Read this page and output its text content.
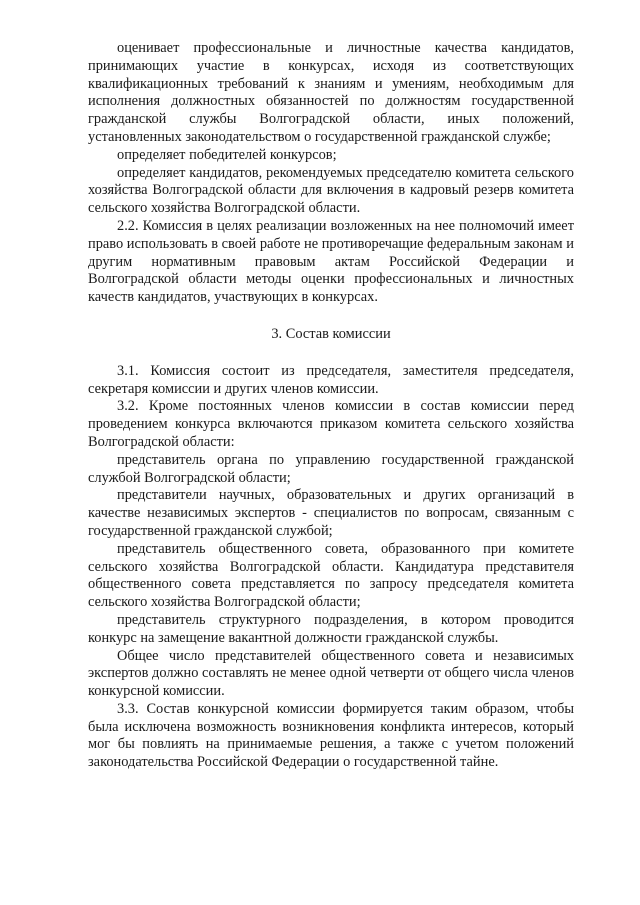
оценивает профессиональные и личностные качества кандидатов, принимающих участие в конкурсах, исходя из соответствующих квалификационных требований к знаниям и умениям, необходимым для исполнения должностных обязанностей по должностям государственной гражданской службы Волгоградской области, иных положений, установленных законодательством о государственной гражданской службе;

определяет победителей конкурсов;

определяет кандидатов, рекомендуемых председателю комитета сельского хозяйства Волгоградской области для включения в кадровый резерв комитета сельского хозяйства Волгоградской области.

2.2. Комиссия в целях реализации возложенных на нее полномочий имеет право использовать в своей работе не противоречащие федеральным законам и другим нормативным правовым актам Российской Федерации и Волгоградской области методы оценки профессиональных и личностных качеств кандидатов, участвующих в конкурсах.

3. Состав комиссии

3.1. Комиссия состоит из председателя, заместителя председателя, секретаря комиссии и других членов комиссии.

3.2. Кроме постоянных членов комиссии в состав комиссии перед проведением конкурса включаются приказом комитета сельского хозяйства Волгоградской области:

представитель органа по управлению государственной гражданской службой Волгоградской области;

представители научных, образовательных и других организаций в качестве независимых экспертов - специалистов по вопросам, связанным с государственной гражданской службой;

представитель общественного совета, образованного при комитете сельского хозяйства Волгоградской области. Кандидатура представителя общественного совета представляется по запросу председателя комитета сельского хозяйства Волгоградской области;

представитель структурного подразделения, в котором проводится конкурс на замещение вакантной должности гражданской службы.

Общее число представителей общественного совета и независимых экспертов должно составлять не менее одной четверти от общего числа членов конкурсной комиссии.

3.3. Состав конкурсной комиссии формируется таким образом, чтобы была исключена возможность возникновения конфликта интересов, который мог бы повлиять на принимаемые решения, а также с учетом положений законодательства Российской Федерации о государственной тайне.
